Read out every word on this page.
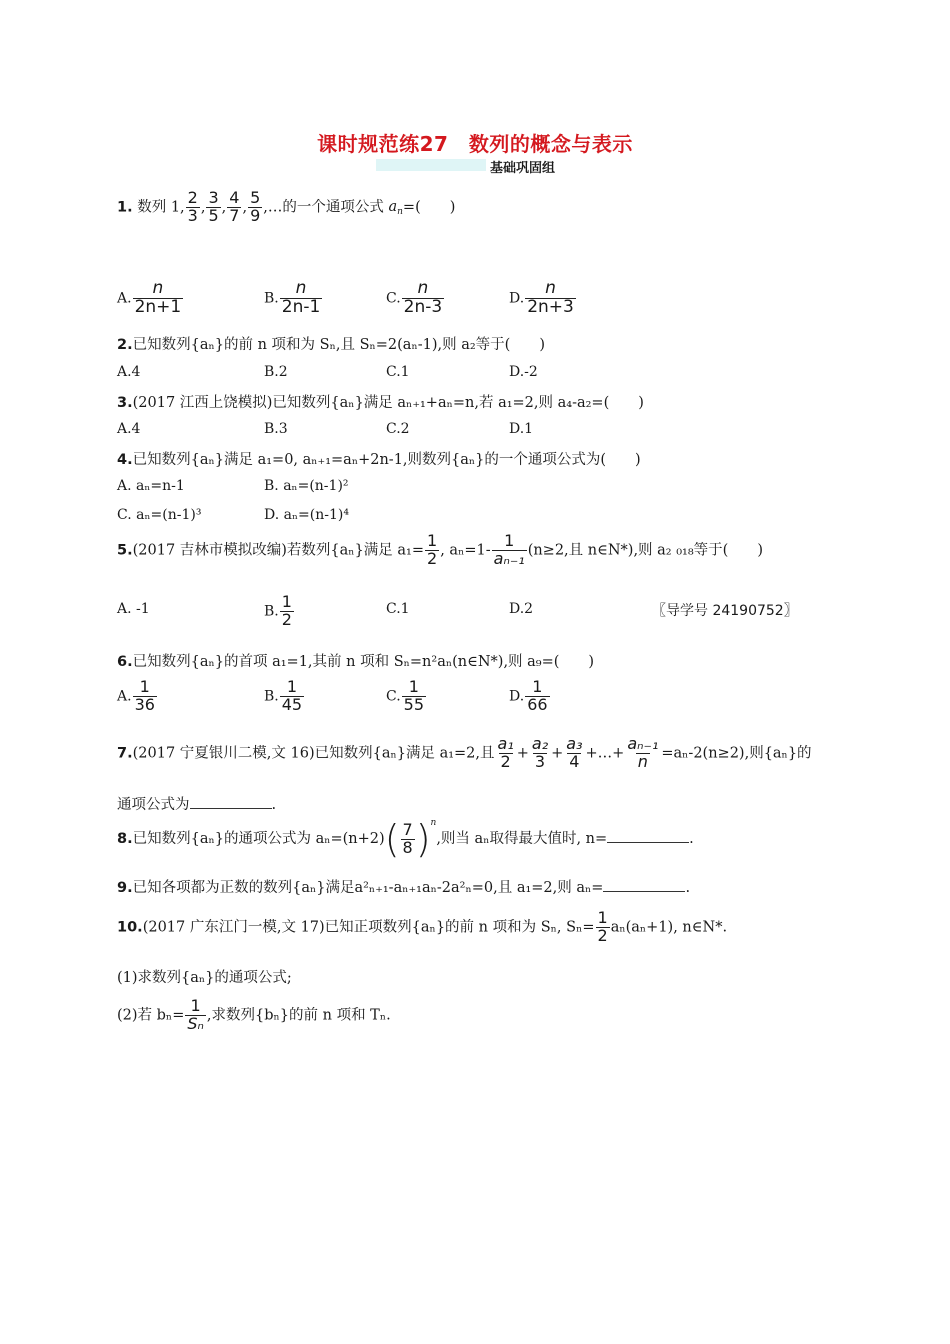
课时规范练27　数列的概念与表示
基础巩固组
1. 数列 1, $\frac{2}{3}$ , $\frac{3}{5}$ , $\frac{4}{7}$ , $\frac{5}{9}$ ,…的一个通项公式 $a_n=$(　　)
A. $\frac{n}{2n+1}$	B. $\frac{n}{2n-1}$	C. $\frac{n}{2n-3}$	D. $\frac{n}{2n+3}$
2.已知数列{aₙ}的前 n 项和为 Sₙ,且 Sₙ=2(aₙ-1),则 a₂等于(　　)
A.4	B.2	C.1	D.-2
3.(2017 江西上饶模拟)已知数列{aₙ}满足 aₙ₊₁+aₙ=n,若 a₁=2,则 a₄-a₂=(　　)
A.4	B.3	C.2	D.1
4.已知数列{aₙ}满足 a₁=0, aₙ₊₁=aₙ+2n-1,则数列{aₙ}的一个通项公式为(　　)
A. aₙ=n-1	B. aₙ=(n-1)²
C. aₙ=(n-1)³	D. aₙ=(n-1)⁴
5.(2017 吉林市模拟改编)若数列{aₙ}满足 $a_1= \frac{1}{2}$ , $a_n=1- \frac{1}{\text{aₙ₋₁}} (n\ge 2$,且 n∈N*),则 a₂ ₀₁₈等于(　　)
A. -1	B. $\frac{1}{2}$	C.1	D.2	〖导学号 24190752〗
6.已知数列{aₙ}的首项 a₁=1,其前 n 项和 Sₙ=n²aₙ(n∈N*),则 a₉=(　　)
A. $\frac{1}{36}$	B. $\frac{1}{45}$	C. $\frac{1}{55}$	D. $\frac{1}{66}$
7.(2017 宁夏银川二模,文 16)已知数列{aₙ}满足 a₁=2,且 $\frac{\text{a₁}}{2} + \frac{\text{a₂}}{3} + \frac{\text{a₃}}{4}$ +…+ $\frac{\text{aₙ₋₁}}{n} =a_n-2(n\ge 2)$,则{aₙ}的
通项公式为	.
8.已知数列{aₙ}的通项公式为 $a_n=(n+2)( \frac{7}{8} )^n$,则当 aₙ取得最大值时, n=	.
9.已知各项都为正数的数列{aₙ}满足a²ₙ₊₁-aₙ₊₁aₙ-2a²ₙ=0,且 a₁=2,则 aₙ=	.
10.(2017 广东江门一模,文 17)已知正项数列{aₙ}的前 n 项和为 Sₙ, $S_n= \frac{1}{2} a_n(a_n+1)$, n∈N*.
(1)求数列{aₙ}的通项公式;
(2)若 $b_n= \frac{1}{\text{Sₙ}}$ ,求数列{bₙ}的前 n 项和 Tₙ.
